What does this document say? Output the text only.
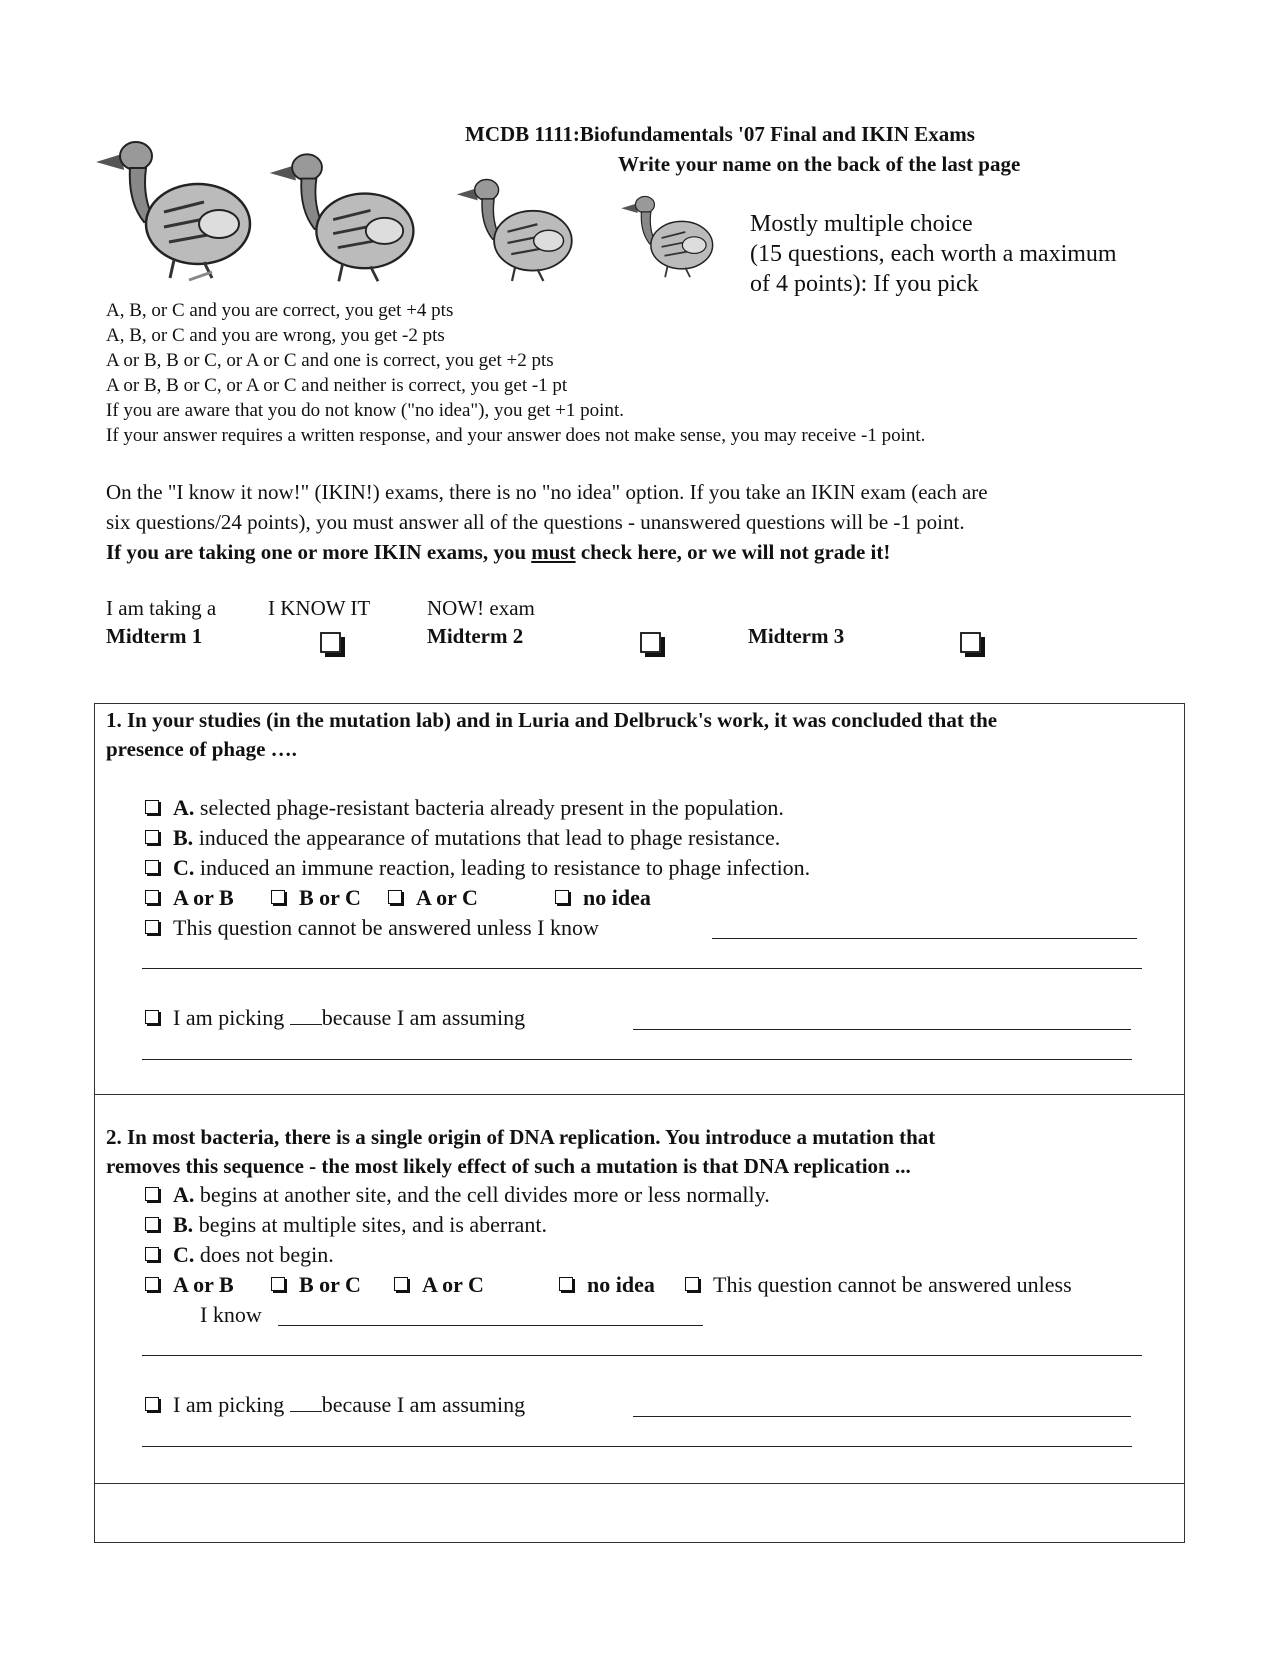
MCDB 1111:Biofundamentals '07 Final and IKIN Exams
Write your name on the back of the last page
Mostly multiple choice
(15 questions, each worth a maximum
of 4 points): If you pick
A, B, or C and you are correct, you get +4 pts
A, B, or C and you are wrong, you get -2 pts
A or B, B or C, or A or C and one is correct, you get +2 pts
A or B, B or C, or A or C and neither is correct, you get -1 pt
If you are aware that you do not know ("no idea"), you get +1 point.
If your answer requires a written response, and your answer does not make sense, you may receive -1 point.
On the "I know it now!" (IKIN!) exams, there is no "no idea" option. If you take an IKIN exam (each are
six questions/24 points), you must answer all of the questions - unanswered questions will be -1 point.
If you are taking one or more IKIN exams, you must check here, or we will not grade it!
I am taking a I KNOW IT	NOW! exam
Midterm 1	Midterm 2	Midterm 3
1. In your studies (in the mutation lab) and in Luria and Delbruck's work, it was concluded that the
presence of phage ….
A. selected phage-resistant bacteria already present in the population.
B. induced the appearance of mutations that lead to phage resistance.
C. induced an immune reaction, leading to resistance to phage infection.
A or B	B or C	A or C	no idea
This question cannot be answered unless I know
I am picking because I am assuming
2. In most bacteria, there is a single origin of DNA replication. You introduce a mutation that
removes this sequence - the most likely effect of such a mutation is that DNA replication ...
A. begins at another site, and the cell divides more or less normally.
B. begins at multiple sites, and is aberrant.
C. does not begin.
A or B	B or C	A or C	no idea	This question cannot be answered unless
I know
I am picking because I am assuming
